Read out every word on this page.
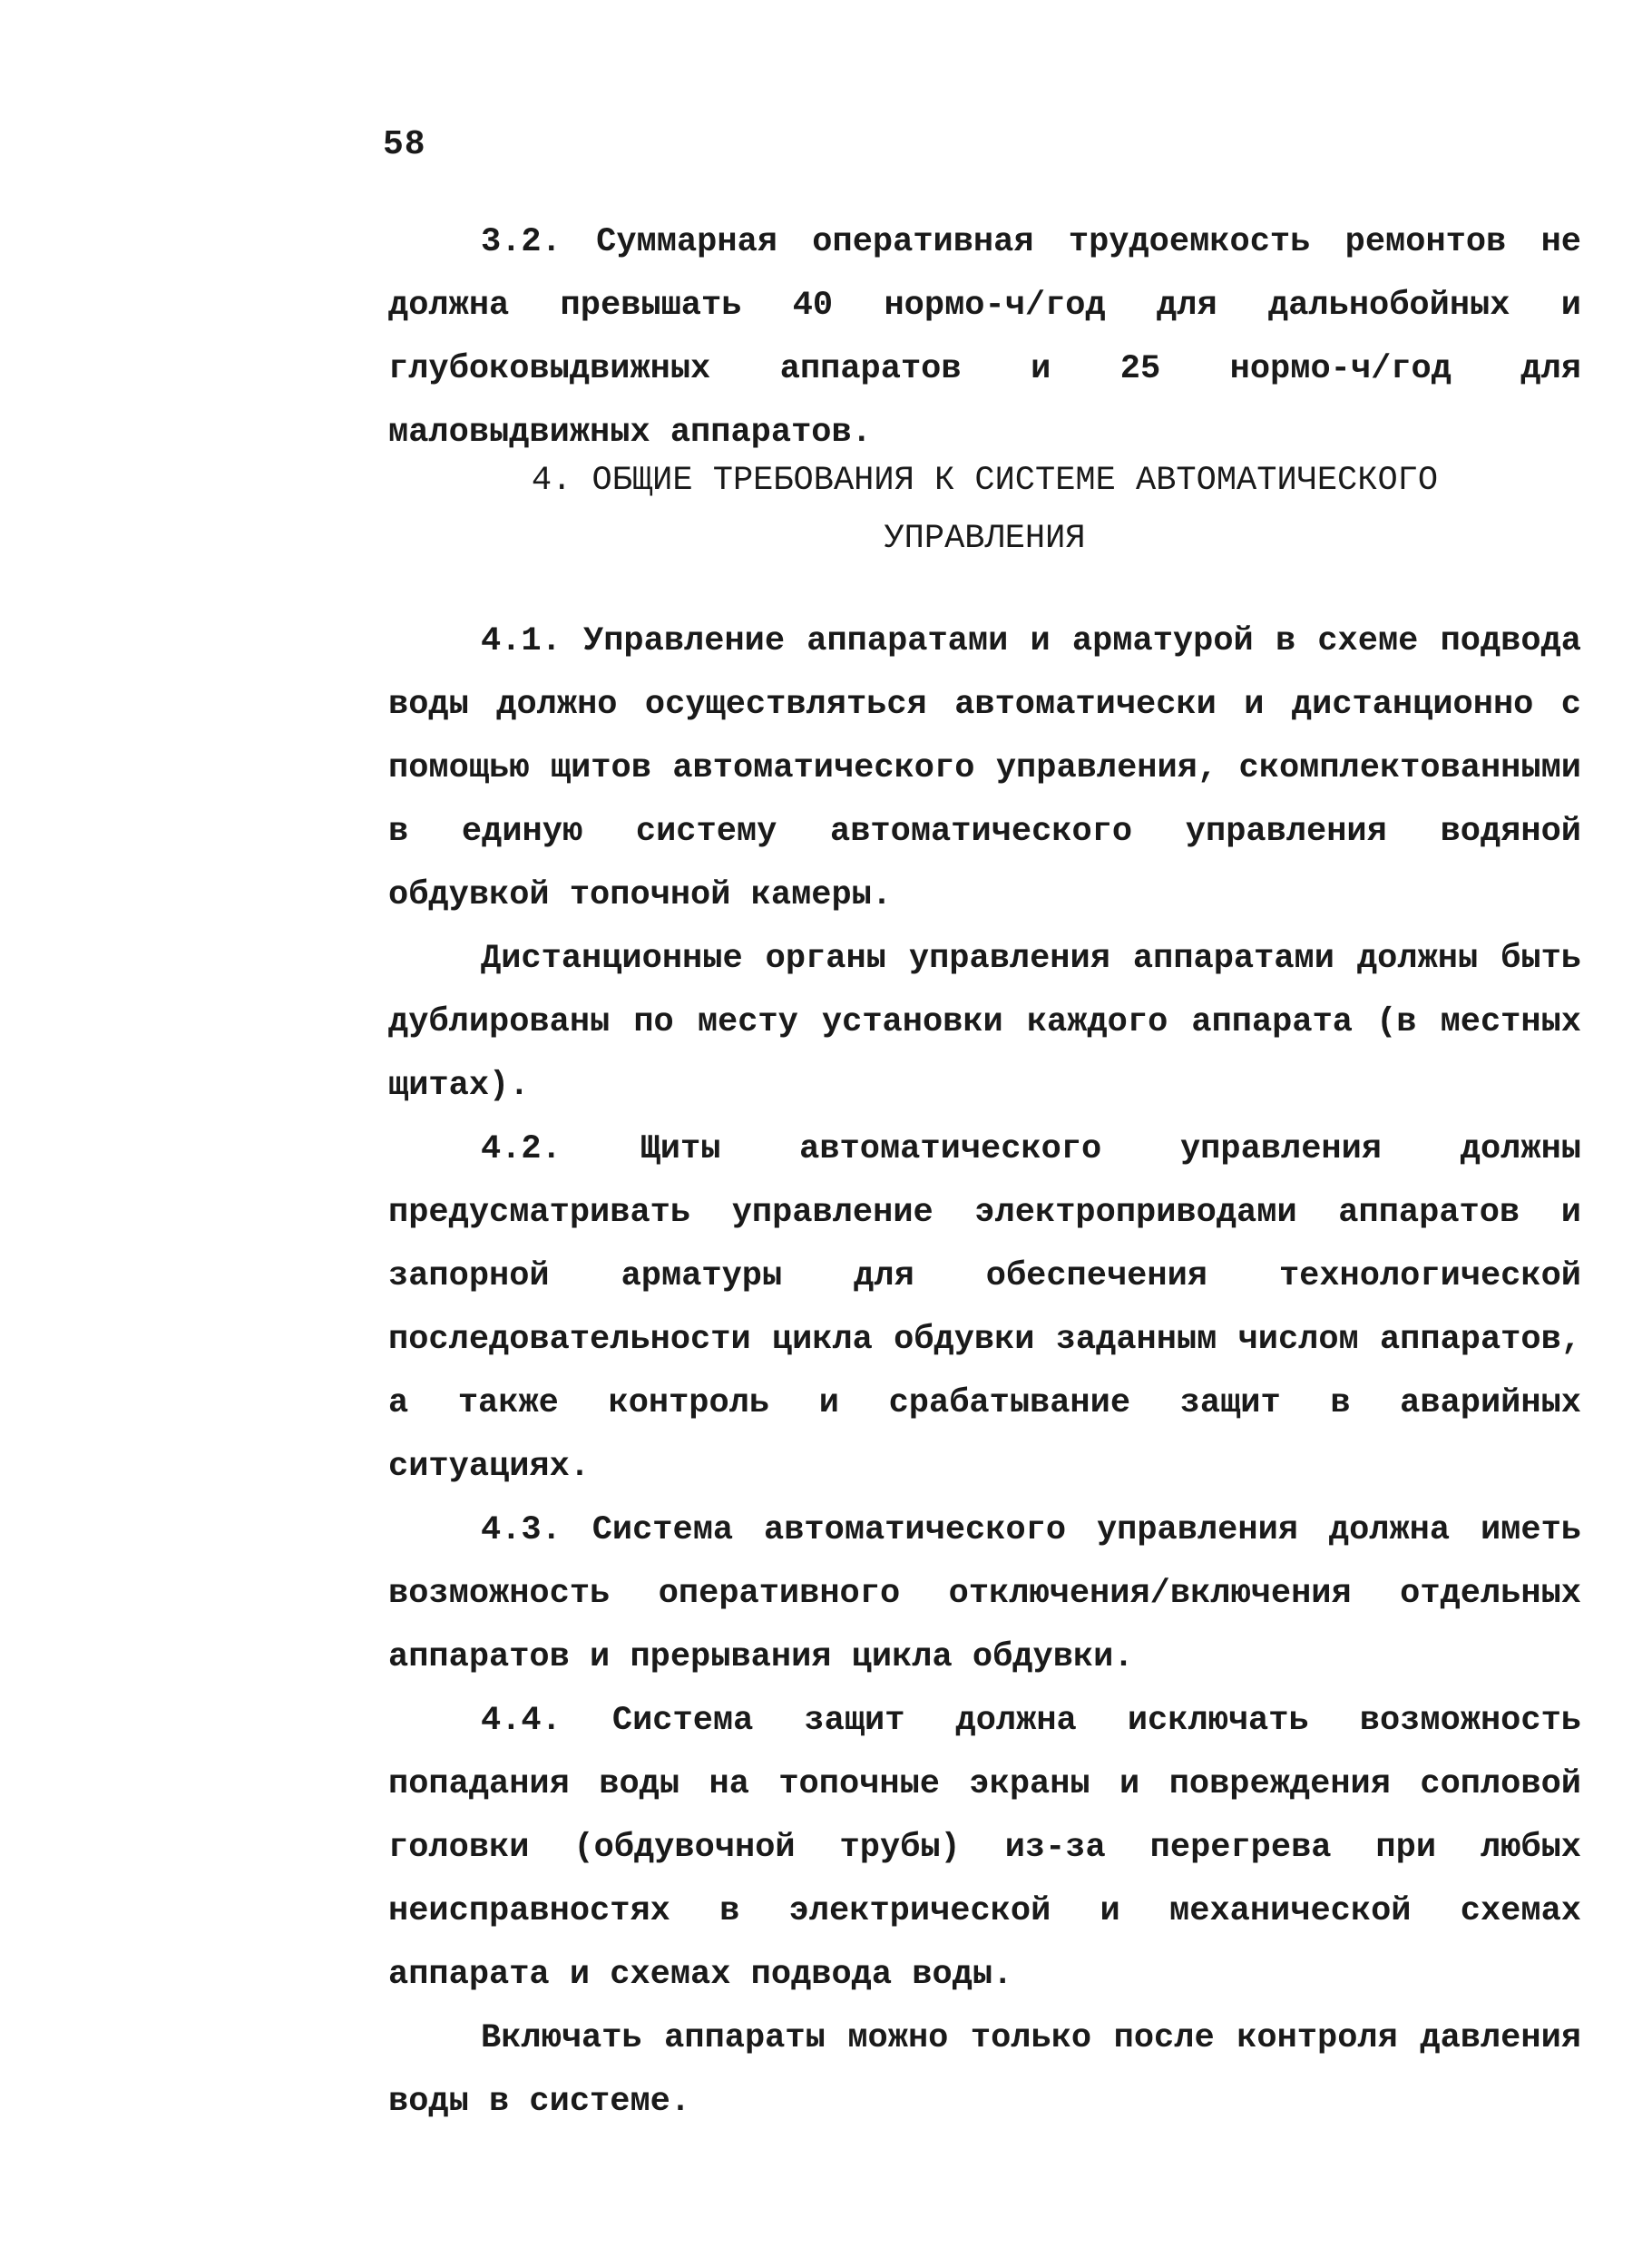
58

3.2. Суммарная оперативная трудоемкость ремонтов не должна превышать 40 нормо-ч/год для дальнобойных и глубоковыдвижных аппаратов и 25 нормо-ч/год для маловыдвижных аппаратов.

4. ОБЩИЕ ТРЕБОВАНИЯ К СИСТЕМЕ АВТОМАТИЧЕСКОГО
УПРАВЛЕНИЯ

4.1. Управление аппаратами и арматурой в схеме подвода воды должно осуществляться автоматически и дистанционно с помощью щитов автоматического управления, скомплектованными в единую систему автоматического управления водяной обдувкой топочной камеры.

Дистанционные органы управления аппаратами должны быть дублированы по месту установки каждого аппарата (в местных щитах).

4.2. Щиты автоматического управления должны предусматривать управление электроприводами аппаратов и запорной арматуры для обеспечения технологической последовательности цикла обдувки заданным числом аппаратов, а также контроль и срабатывание защит в аварийных ситуациях.

4.3. Система автоматического управления должна иметь возможность оперативного отключения/включения отдельных аппаратов и прерывания цикла обдувки.

4.4. Система защит должна исключать возможность попадания воды на топочные экраны и повреждения сопловой головки (обдувочной трубы) из-за перегрева при любых неисправностях в электрической и механической схемах аппарата и схемах подвода воды.

Включать аппараты можно только после контроля давления воды в системе.
